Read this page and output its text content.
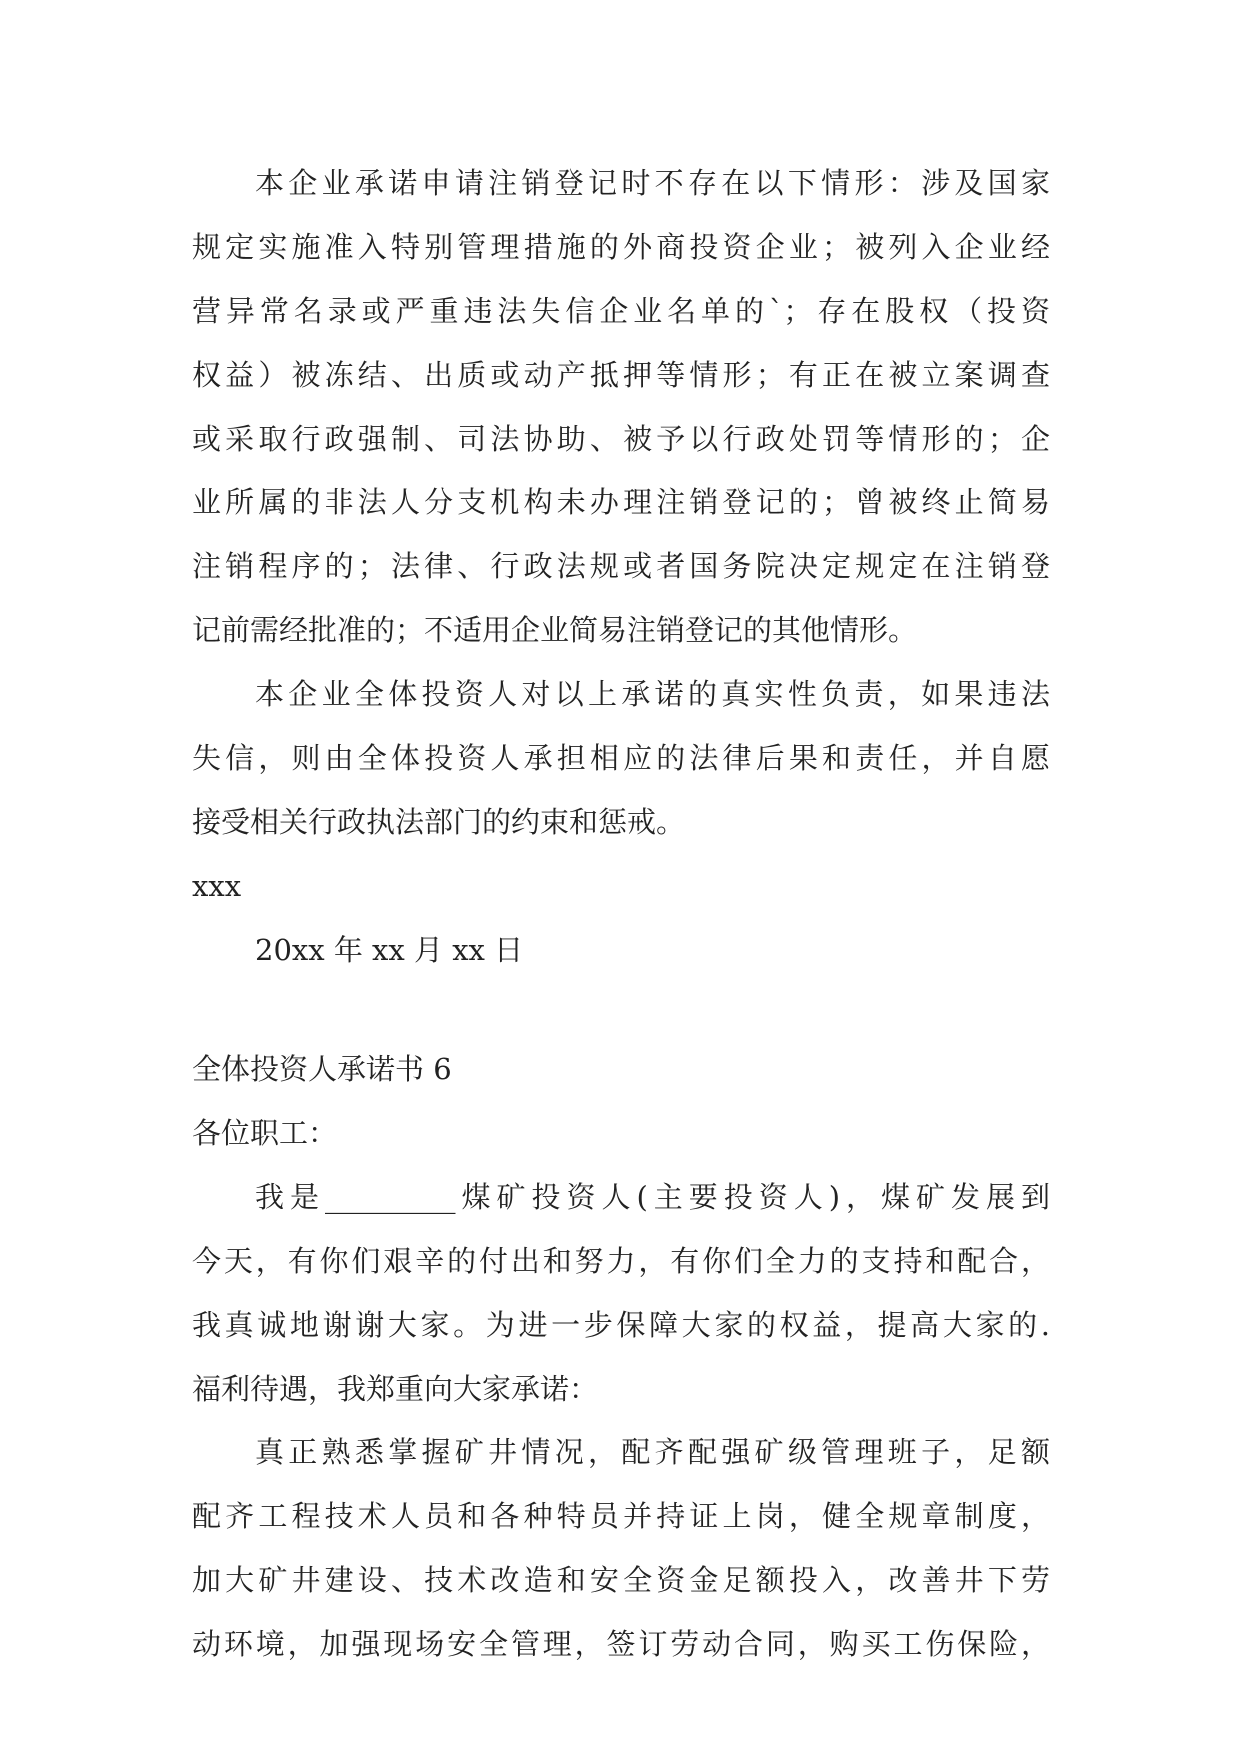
本企业承诺申请注销登记时不存在以下情形：涉及国家

规定实施准入特别管理措施的外商投资企业；被列入企业经

营异常名录或严重违法失信企业名单的`；存在股权（投资

权益）被冻结、出质或动产抵押等情形；有正在被立案调查

或采取行政强制、司法协助、被予以行政处罚等情形的；企

业所属的非法人分支机构未办理注销登记的；曾被终止简易

注销程序的；法律、行政法规或者国务院决定规定在注销登

记前需经批准的；不适用企业简易注销登记的其他情形。

本企业全体投资人对以上承诺的真实性负责，如果违法

失信，则由全体投资人承担相应的法律后果和责任，并自愿

接受相关行政执法部门的约束和惩戒。

xxx

20xx 年 xx 月 xx 日

全体投资人承诺书 6

各位职工：

我是_________煤矿投资人(主要投资人)，煤矿发展到

今天，有你们艰辛的付出和努力，有你们全力的支持和配合，

我真诚地谢谢大家。为进一步保障大家的权益，提高大家的.

福利待遇，我郑重向大家承诺：

真正熟悉掌握矿井情况，配齐配强矿级管理班子，足额

配齐工程技术人员和各种特员并持证上岗，健全规章制度，

加大矿井建设、技术改造和安全资金足额投入，改善井下劳

动环境，加强现场安全管理，签订劳动合同，购买工伤保险，
